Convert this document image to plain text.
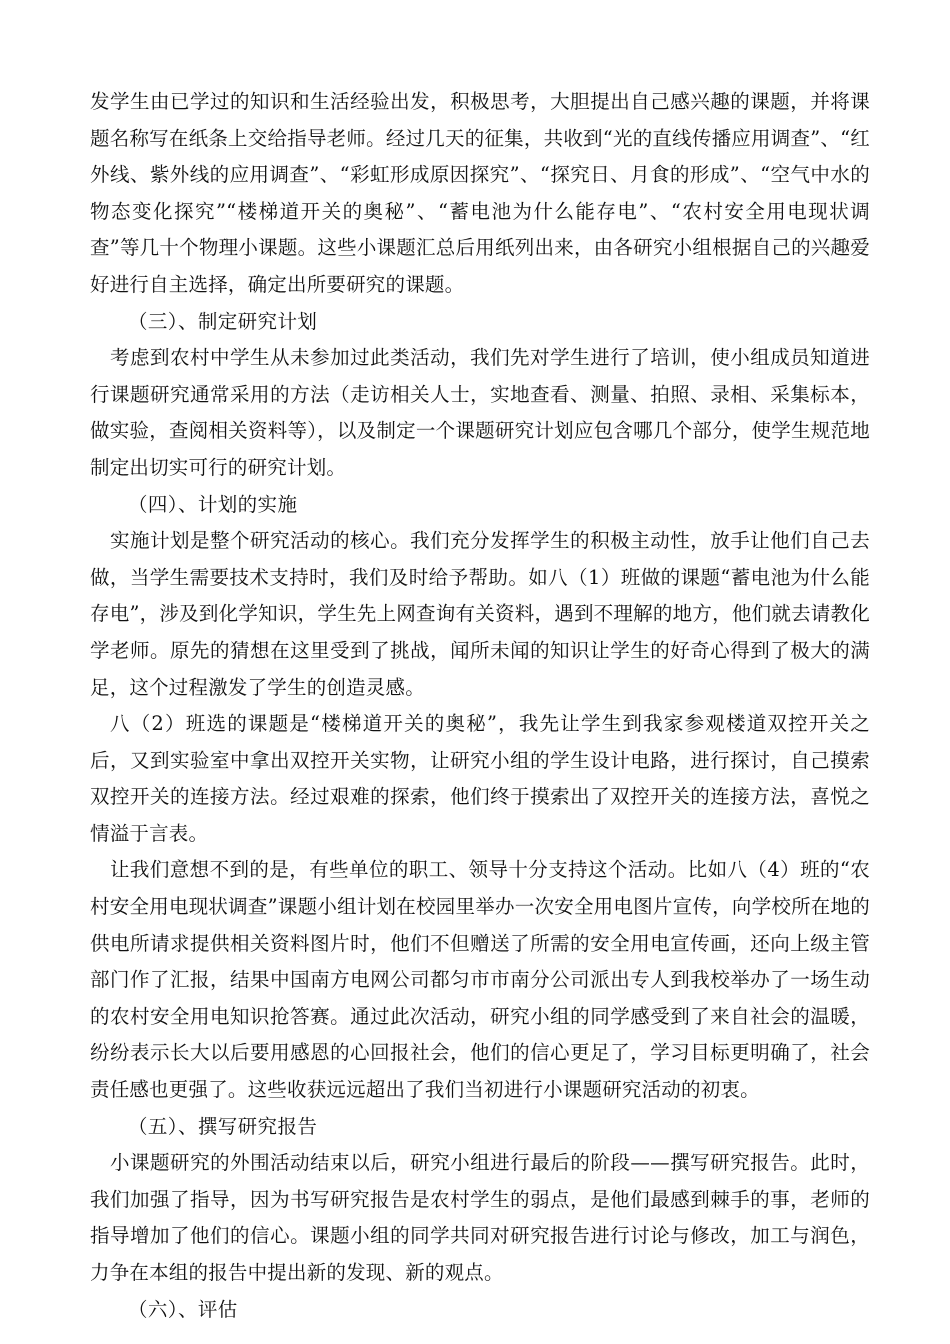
发学生由已学过的知识和生活经验出发，积极思考，大胆提出自己感兴趣的课题，并将课题名称写在纸条上交给指导老师。经过几天的征集，共收到“光的直线传播应用调查”、“红外线、紫外线的应用调查”、“彩虹形成原因探究”、“探究日、月食的形成”、“空气中水的物态变化探究”“楼梯道开关的奥秘”、“蓄电池为什么能存电”、“农村安全用电现状调查”等几十个物理小课题。这些小课题汇总后用纸列出来，由各研究小组根据自己的兴趣爱好进行自主选择，确定出所要研究的课题。

（三）、制定研究计划

考虑到农村中学生从未参加过此类活动，我们先对学生进行了培训，使小组成员知道进行课题研究通常采用的方法（走访相关人士，实地查看、测量、拍照、录相、采集标本，做实验，查阅相关资料等），以及制定一个课题研究计划应包含哪几个部分，使学生规范地制定出切实可行的研究计划。

（四）、计划的实施

实施计划是整个研究活动的核心。我们充分发挥学生的积极主动性，放手让他们自己去做，当学生需要技术支持时，我们及时给予帮助。如八（1）班做的课题“蓄电池为什么能存电”，涉及到化学知识，学生先上网查询有关资料，遇到不理解的地方，他们就去请教化学老师。原先的猜想在这里受到了挑战，闻所未闻的知识让学生的好奇心得到了极大的满足，这个过程激发了学生的创造灵感。

八（2）班选的课题是“楼梯道开关的奥秘”，我先让学生到我家参观楼道双控开关之后，又到实验室中拿出双控开关实物，让研究小组的学生设计电路，进行探讨，自己摸索双控开关的连接方法。经过艰难的探索，他们终于摸索出了双控开关的连接方法，喜悦之情溢于言表。

让我们意想不到的是，有些单位的职工、领导十分支持这个活动。比如八（4）班的“农村安全用电现状调查”课题小组计划在校园里举办一次安全用电图片宣传，向学校所在地的供电所请求提供相关资料图片时，他们不但赠送了所需的安全用电宣传画，还向上级主管部门作了汇报，结果中国南方电网公司都匀市市南分公司派出专人到我校举办了一场生动的农村安全用电知识抢答赛。通过此次活动，研究小组的同学感受到了来自社会的温暖，纷纷表示长大以后要用感恩的心回报社会，他们的信心更足了，学习目标更明确了，社会责任感也更强了。这些收获远远超出了我们当初进行小课题研究活动的初衷。

（五）、撰写研究报告

小课题研究的外围活动结束以后，研究小组进行最后的阶段——撰写研究报告。此时，我们加强了指导，因为书写研究报告是农村学生的弱点，是他们最感到棘手的事，老师的指导增加了他们的信心。课题小组的同学共同对研究报告进行讨论与修改，加工与润色，力争在本组的报告中提出新的发现、新的观点。

（六）、评估
